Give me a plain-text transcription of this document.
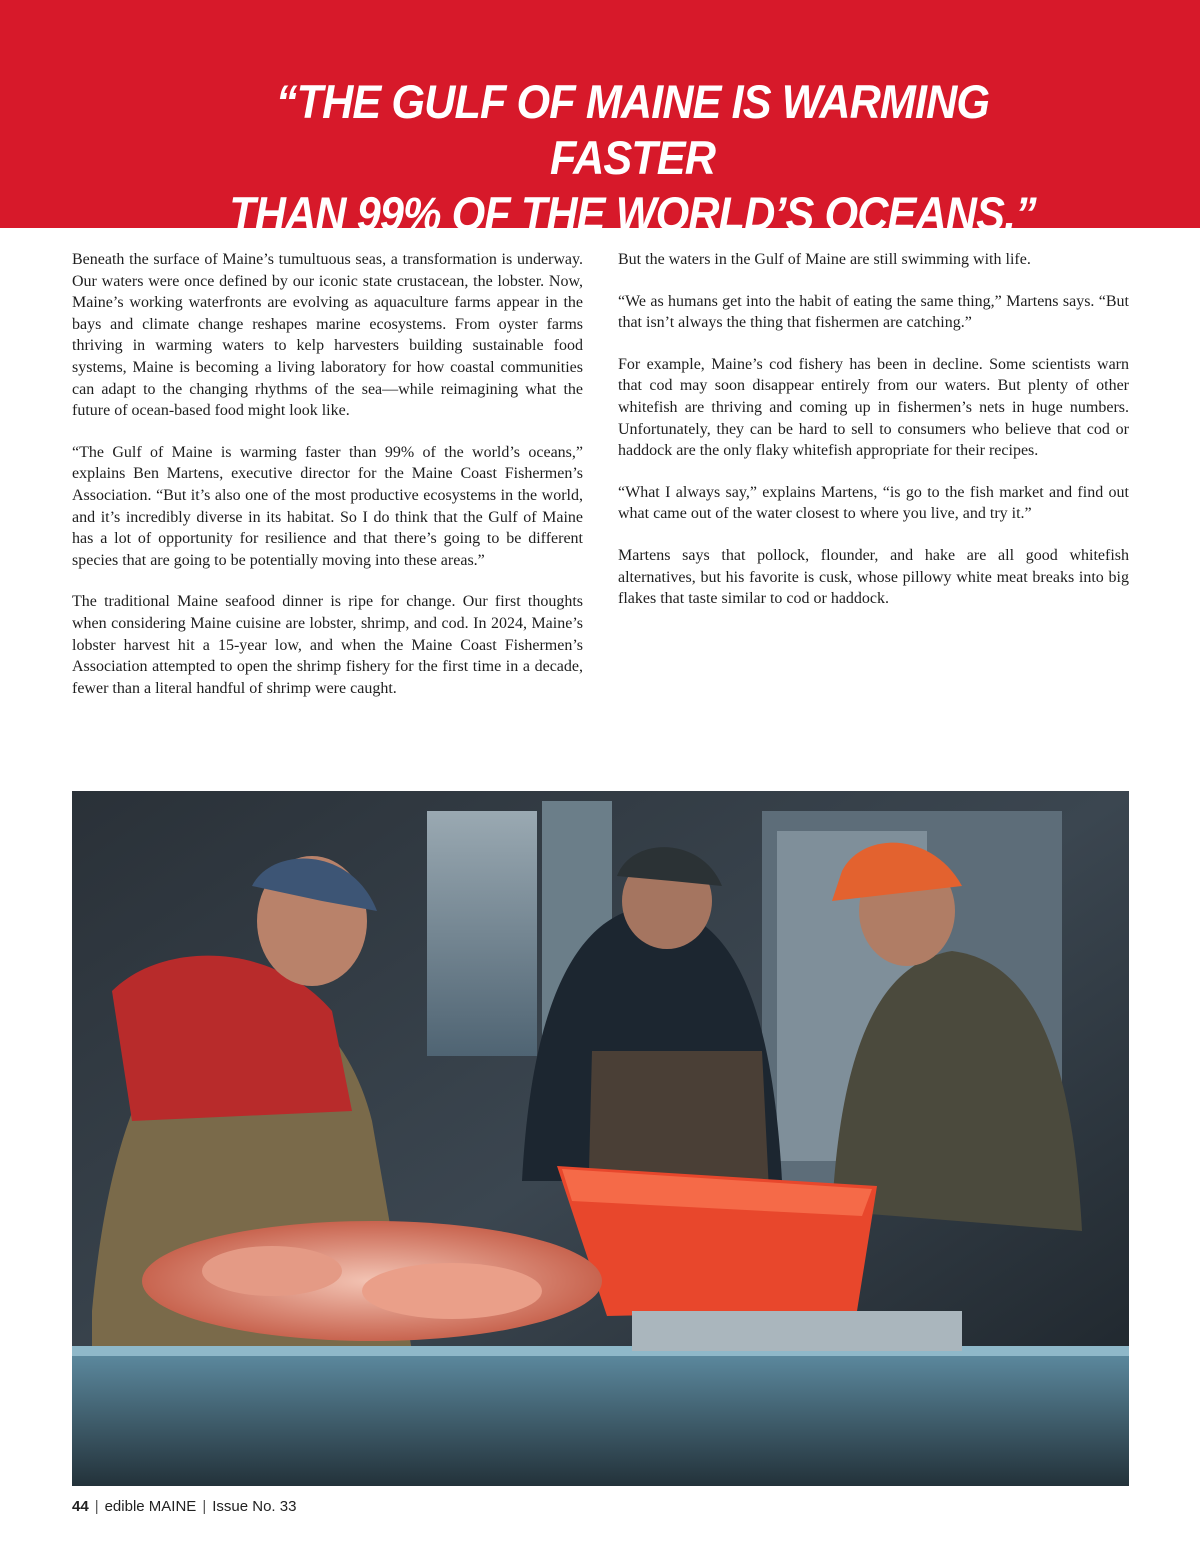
“THE GULF OF MAINE IS WARMING FASTER
THAN 99% OF THE WORLD’S OCEANS.”

Beneath the surface of Maine’s tumultuous seas, a transformation is underway. Our waters were once defined by our iconic state crustacean, the lobster. Now, Maine’s working waterfronts are evolving as aquaculture farms appear in the bays and climate change reshapes marine ecosystems. From oyster farms thriving in warming waters to kelp harvesters building sustainable food systems, Maine is becoming a living laboratory for how coastal communities can adapt to the changing rhythms of the sea—while reimagining what the future of ocean-based food might look like.

“The Gulf of Maine is warming faster than 99% of the world’s oceans,” explains Ben Martens, executive director for the Maine Coast Fishermen’s Association. “But it’s also one of the most productive ecosystems in the world, and it’s incredibly diverse in its habitat. So I do think that the Gulf of Maine has a lot of opportunity for resilience and that there’s going to be different species that are going to be potentially moving into these areas.”

The traditional Maine seafood dinner is ripe for change. Our first thoughts when considering Maine cuisine are lobster, shrimp, and cod. In 2024, Maine’s lobster harvest hit a 15-year low, and when the Maine Coast Fishermen’s Association attempted to open the shrimp fishery for the first time in a decade, fewer than a literal handful of shrimp were caught.

But the waters in the Gulf of Maine are still swimming with life.

“We as humans get into the habit of eating the same thing,” Martens says. “But that isn’t always the thing that fishermen are catching.”

For example, Maine’s cod fishery has been in decline. Some scientists warn that cod may soon disappear entirely from our waters. But plenty of other whitefish are thriving and coming up in fishermen’s nets in huge numbers. Unfortunately, they can be hard to sell to consumers who believe that cod or haddock are the only flaky whitefish appropriate for their recipes.

“What I always say,” explains Martens, “is go to the fish market and find out what came out of the water closest to where you live, and try it.”

Martens says that pollock, flounder, and hake are all good whitefish alternatives, but his favorite is cusk, whose pillowy white meat breaks into big flakes that taste similar to cod or haddock.

44 | edible MAINE | Issue No. 33
